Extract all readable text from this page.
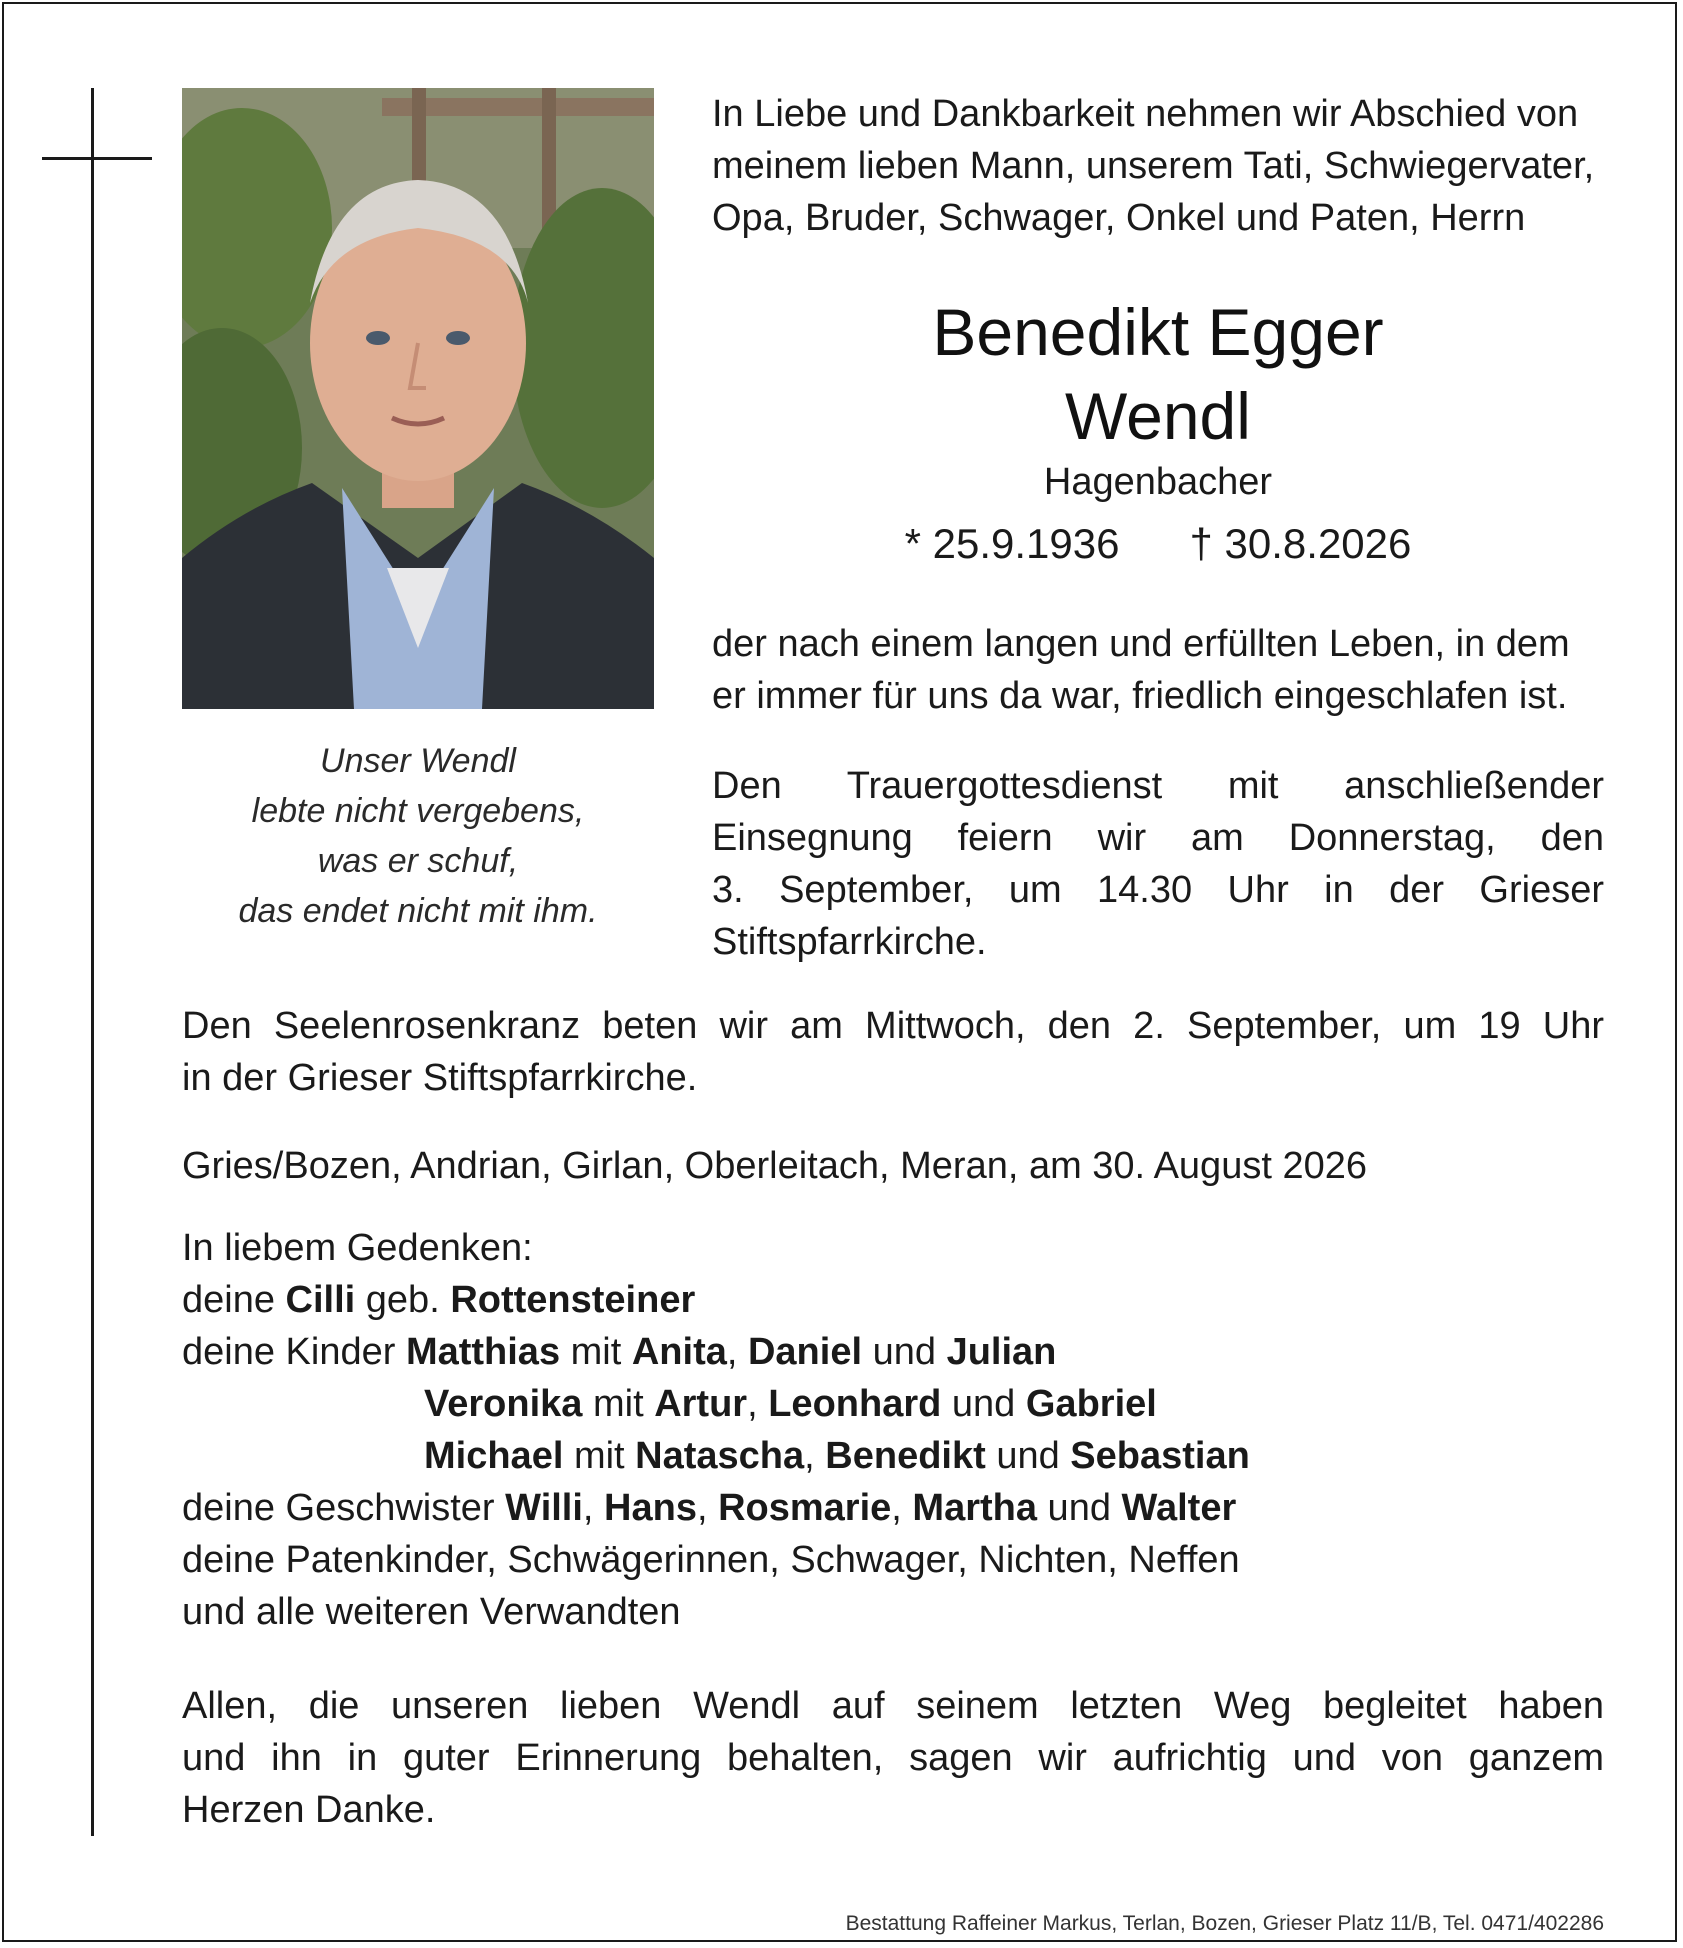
In Liebe und Dankbarkeit nehmen wir Abschied von
meinem lieben Mann, unserem Tati, Schwiegervater,
Opa, Bruder, Schwager, Onkel und Paten, Herrn
Benedikt Egger
Wendl
Hagenbacher
* 25.9.1936 † 30.8.2026
der nach einem langen und erfüllten Leben, in dem
er immer für uns da war, friedlich eingeschlafen ist.
Den Trauergottesdienst mit anschließender
Einsegnung feiern wir am Donnerstag, den
3. September, um 14.30 Uhr in der Grieser
Stiftspfarrkirche.
Unser Wendl
lebte nicht vergebens,
was er schuf,
das endet nicht mit ihm.
Den Seelenrosenkranz beten wir am Mittwoch, den 2. September, um 19 Uhr
in der Grieser Stiftspfarrkirche.
Gries/Bozen, Andrian, Girlan, Oberleitach, Meran, am 30. August 2026
In liebem Gedenken:
deine Cilli geb. Rottensteiner
deine Kinder Matthias mit Anita, Daniel und Julian
Veronika mit Artur, Leonhard und Gabriel
Michael mit Natascha, Benedikt und Sebastian
deine Geschwister Willi, Hans, Rosmarie, Martha und Walter
deine Patenkinder, Schwägerinnen, Schwager, Nichten, Neffen
und alle weiteren Verwandten
Allen, die unseren lieben Wendl auf seinem letzten Weg begleitet haben
und ihn in guter Erinnerung behalten, sagen wir aufrichtig und von ganzem
Herzen Danke.
Bestattung Raffeiner Markus, Terlan, Bozen, Grieser Platz 11/B, Tel. 0471/402286
